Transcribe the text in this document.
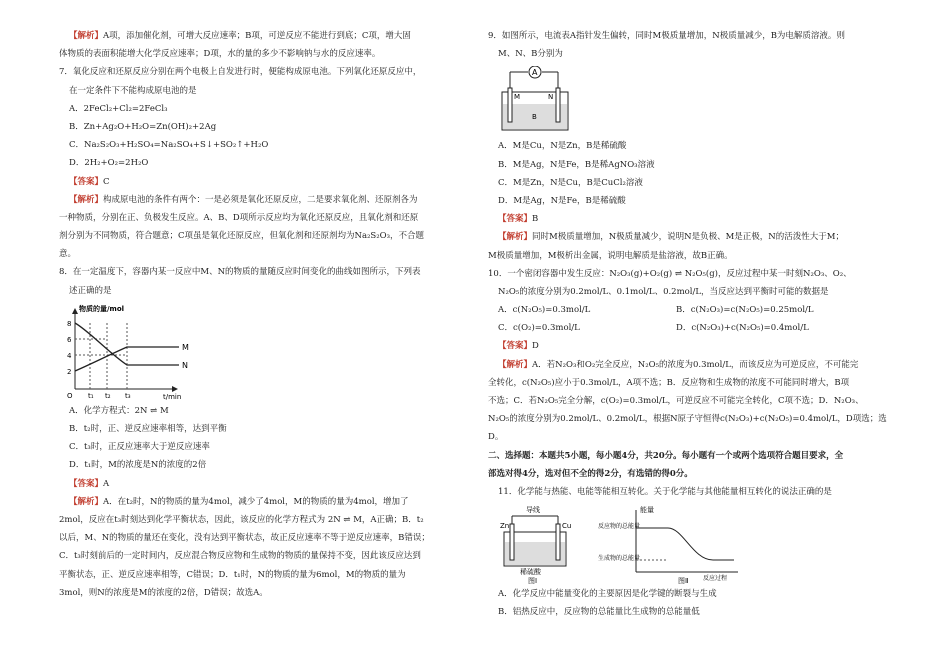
【解析】A项，添加催化剂，可增大反应速率；B项，可逆反应不能进行到底；C项，增大固
体物质的表面积能增大化学反应速率；D项，水的量的多少不影响钠与水的反应速率。
7．氧化反应和还原反应分别在两个电极上自发进行时，便能构成原电池。下列氧化还原反应中，
在一定条件下不能构成原电池的是
A．2FeCl₂+Cl₂=2FeCl₃
B．Zn+Ag₂O+H₂O=Zn(OH)₂+2Ag
C．Na₂S₂O₃+H₂SO₄=Na₂SO₄+S↓+SO₂↑+H₂O
D．2H₂+O₂=2H₂O
【答案】C
【解析】构成原电池的条件有两个：一是必须是氧化还原反应，二是要求氧化剂、还原剂各为
一种物质，分别在正、负极发生反应。A、B、D项所示反应均为氧化还原反应，且氧化剂和还原
剂分别为不同物质，符合题意；C项虽是氧化还原反应，但氧化剂和还原剂均为Na₂S₂O₃，不合题
意。
8．在一定温度下，容器内某一反应中M、N的物质的量随反应时间变化的曲线如图所示，下列表
述正确的是
物质的量/mol
t/min
8
6
4
2
O t₁ t₂ t₃
M
N
A．化学方程式：2N ⇌ M
B．t₂时，正、逆反应速率相等，达到平衡
C．t₃时，正反应速率大于逆反应速率
D．t₁时，M的浓度是N的浓度的2倍
【答案】A
【解析】A．在t₂时，N的物质的量为4mol，减少了4mol，M的物质的量为4mol，增加了
2mol，反应在t₃时刻达到化学平衡状态，因此，该反应的化学方程式为 2N ⇌ M，A正确；B．t₂
以后，M、N的物质的量还在变化，没有达到平衡状态，故正反应速率不等于逆反应速率，B错误；
C．t₃时刻前后的一定时间内，反应混合物反应物和生成物的物质的量保持不变，因此该反应达到
平衡状态，正、逆反应速率相等，C错误；D．t₁时，N的物质的量为6mol，M的物质的量为
3mol，则N的浓度是M的浓度的2倍，D错误；故选A。
9．如图所示，电流表A指针发生偏转，同时M极质量增加，N极质量减少，B为电解质溶液。则
M、N、B分别为
A
M	N
B
A．M是Cu，N是Zn，B是稀硫酸
B．M是Ag，N是Fe，B是稀AgNO₃溶液
C．M是Zn，N是Cu，B是CuCl₂溶液
D．M是Ag，N是Fe，B是稀硫酸
【答案】B
【解析】同时M极质量增加，N极质量减少，说明N是负极、M是正极，N的活泼性大于M；
M极质量增加，M极析出金属，说明电解质是盐溶液，故B正确。
10．一个密闭容器中发生反应：N₂O₃(g)+O₂(g) ⇌ N₂O₅(g)，反应过程中某一时刻N₂O₃、O₂、
N₂O₅的浓度分别为0.2mol/L、0.1mol/L、0.2mol/L，当反应达到平衡时可能的数据是
A．c(N₂O₅)=0.3mol/L	B．c(N₂O₃)=c(N₂O₅)=0.25mol/L
C．c(O₂)=0.3mol/L	D．c(N₂O₃)+c(N₂O₅)=0.4mol/L
【答案】D
【解析】A．若N₂O₃和O₂完全反应，N₂O₅的浓度为0.3mol/L，而该反应为可逆反应，不可能完
全转化，c(N₂O₅)应小于0.3mol/L，A项不选；B．反应物和生成物的浓度不可能同时增大，B项
不选；C．若N₂O₅完全分解，c(O₂)=0.3mol/L，可逆反应不可能完全转化，C项不选；D．N₂O₃、
N₂O₅的浓度分别为0.2mol/L、0.2mol/L，根据N原子守恒得c(N₂O₃)+c(N₂O₅)=0.4mol/L，D项选；选
D。
二、选择题：本题共5小题，每小题4分，共20分。每小题有一个或两个选项符合题目要求，全
部选对得4分，选对但不全的得2分，有选错的得0分。
11．化学能与热能、电能等能相互转化。关于化学能与其他能量相互转化的说法正确的是
导线
Zn	Cu
稀硫酸
图Ⅰ
能量
反应物的总能量
生成物的总能量
反应过程
图Ⅱ
A．化学反应中能量变化的主要原因是化学键的断裂与生成
B．铝热反应中，反应物的总能量比生成物的总能量低
